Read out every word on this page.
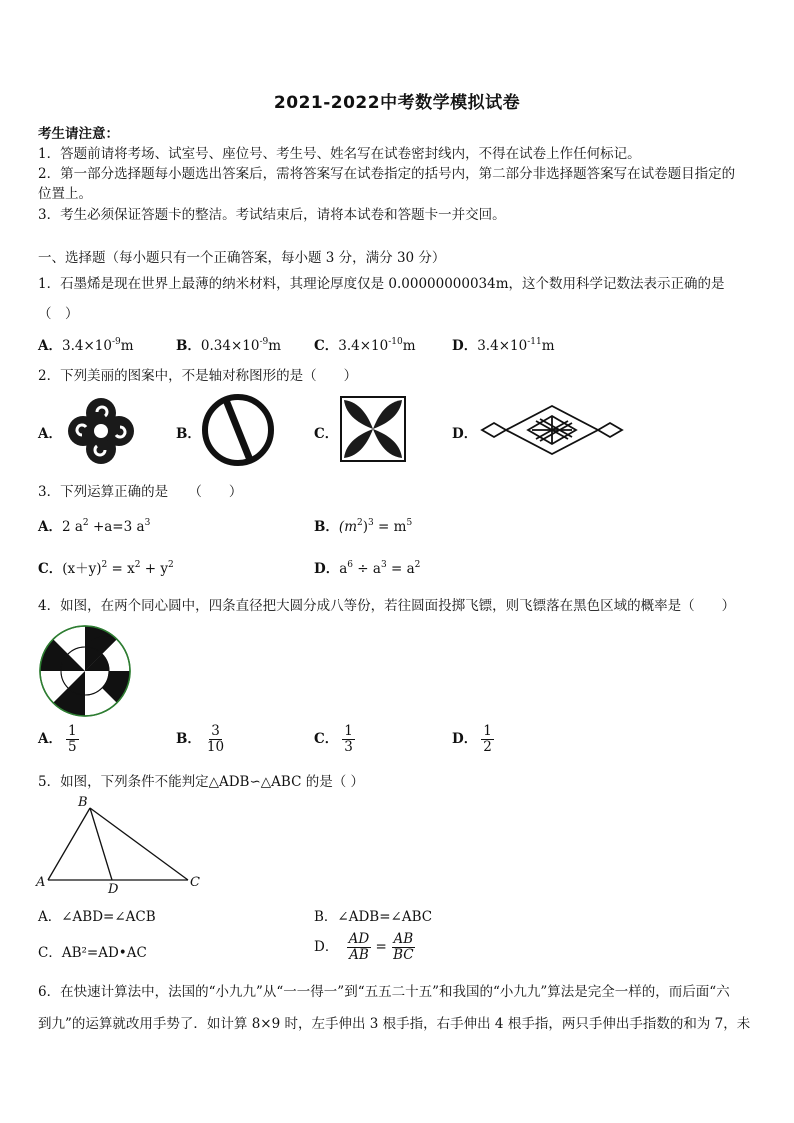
2021-2022中考数学模拟试卷
考生请注意：
1．答题前请将考场、试室号、座位号、考生号、姓名写在试卷密封线内，不得在试卷上作任何标记。
2．第一部分选择题每小题选出答案后，需将答案写在试卷指定的括号内，第二部分非选择题答案写在试卷题目指定的
位置上。
3．考生必须保证答题卡的整洁。考试结束后，请将本试卷和答题卡一并交回。
一、选择题（每小题只有一个正确答案，每小题 3 分，满分 30 分）
1．石墨烯是现在世界上最薄的纳米材料，其理论厚度仅是 0.00000000034m，这个数用科学记数法表示正确的是
（　）
A．$3.4\times 10^{-9}m$	B．$0.34\times 10^{-9}m$ C．$3.4\times 10^{-10}m$	D．$3.4\times 10^{-11}m$
2．下列美丽的图案中，不是轴对称图形的是（　　）
A．	B．	C．	D．
3．下列运算正确的是　　（　　）
A．2 $a^2 +a=3$ $a^3$	B．$(m^2)^3 = m^5$
C．$(x+y)^2 = x^2 + y^2$	D．$a^6 \div a^3 = a^2$
4．如图，在两个同心圆中，四条直径把大圆分成八等份，若往圆面投掷飞镖，则飞镖落在黑色区域的概率是（　　）
A． $\frac{1}{5}$	B． $\frac{3}{10}$	C． $\frac{1}{3}$	D． $\frac{1}{2}$
5．如图，下列条件不能判定△ADB∽△ABC 的是（ ）
B
A	D	C
A．∠ABD=∠ACB	B．∠ADB=∠ABC
C．AB²=AD•AC	D． $\frac{AD}{AB} = \frac{AB}{BC}$
6．在快速计算法中，法国的“小九九”从“一一得一”到“五五二十五”和我国的“小九九”算法是完全一样的，而后面“六
到九”的运算就改用手势了．如计算 8×9 时，左手伸出 3 根手指，右手伸出 4 根手指，两只手伸出手指数的和为 7，未
